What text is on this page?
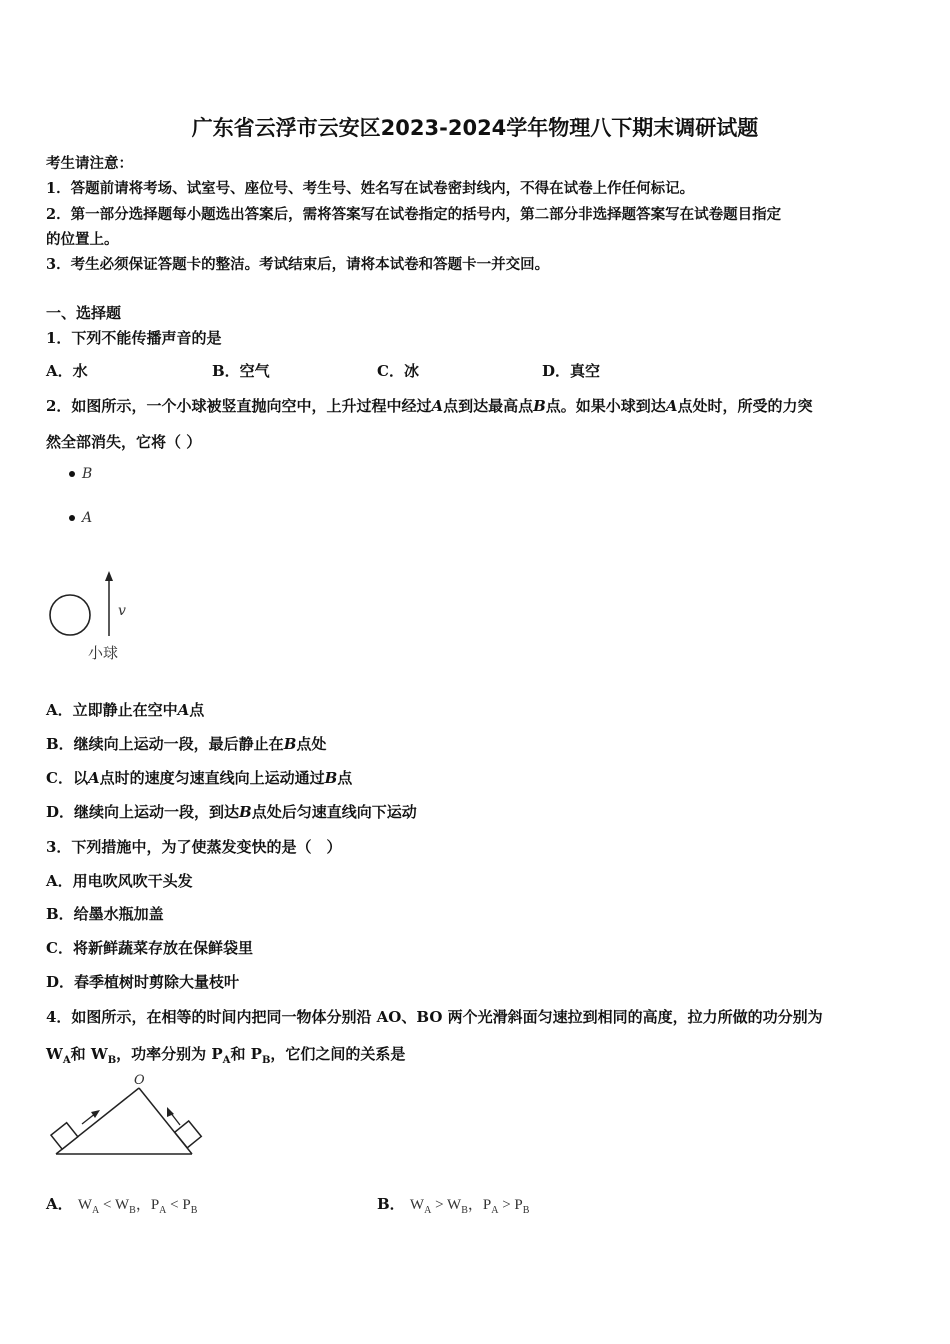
广东省云浮市云安区2023-2024学年物理八下期末调研试题
考生请注意：
1．答题前请将考场、试室号、座位号、考生号、姓名写在试卷密封线内，不得在试卷上作任何标记。
2．第一部分选择题每小题选出答案后，需将答案写在试卷指定的括号内，第二部分非选择题答案写在试卷题目指定
的位置上。
3．考生必须保证答题卡的整洁。考试结束后，请将本试卷和答题卡一并交回。
一、选择题
1．下列不能传播声音的是
A．水	B．空气	C．冰	D．真空
2．如图所示，一个小球被竖直抛向空中，上升过程中经过A点到达最高点B点。如果小球到达A点处时，所受的力突
然全部消失，它将（ ）
B
A
v
小球
A．立即静止在空中A点
B．继续向上运动一段，最后静止在B点处
C．以A点时的速度匀速直线向上运动通过B点
D．继续向上运动一段，到达B点处后匀速直线向下运动
3．下列措施中，为了使蒸发变快的是（　）
A．用电吹风吹干头发
B．给墨水瓶加盖
C．将新鲜蔬菜存放在保鲜袋里
D．春季植树时剪除大量枝叶
4．如图所示，在相等的时间内把同一物体分别沿 AO、BO 两个光滑斜面匀速拉到相同的高度，拉力所做的功分别为
$W_A$和 $W_B$，功率分别为 $P_A$和 $P_B$，它们之间的关系是
O
A． $W_A < W_B$，$P_A < P_B$	B． $W_A > W_B$，$P_A > P_B$
